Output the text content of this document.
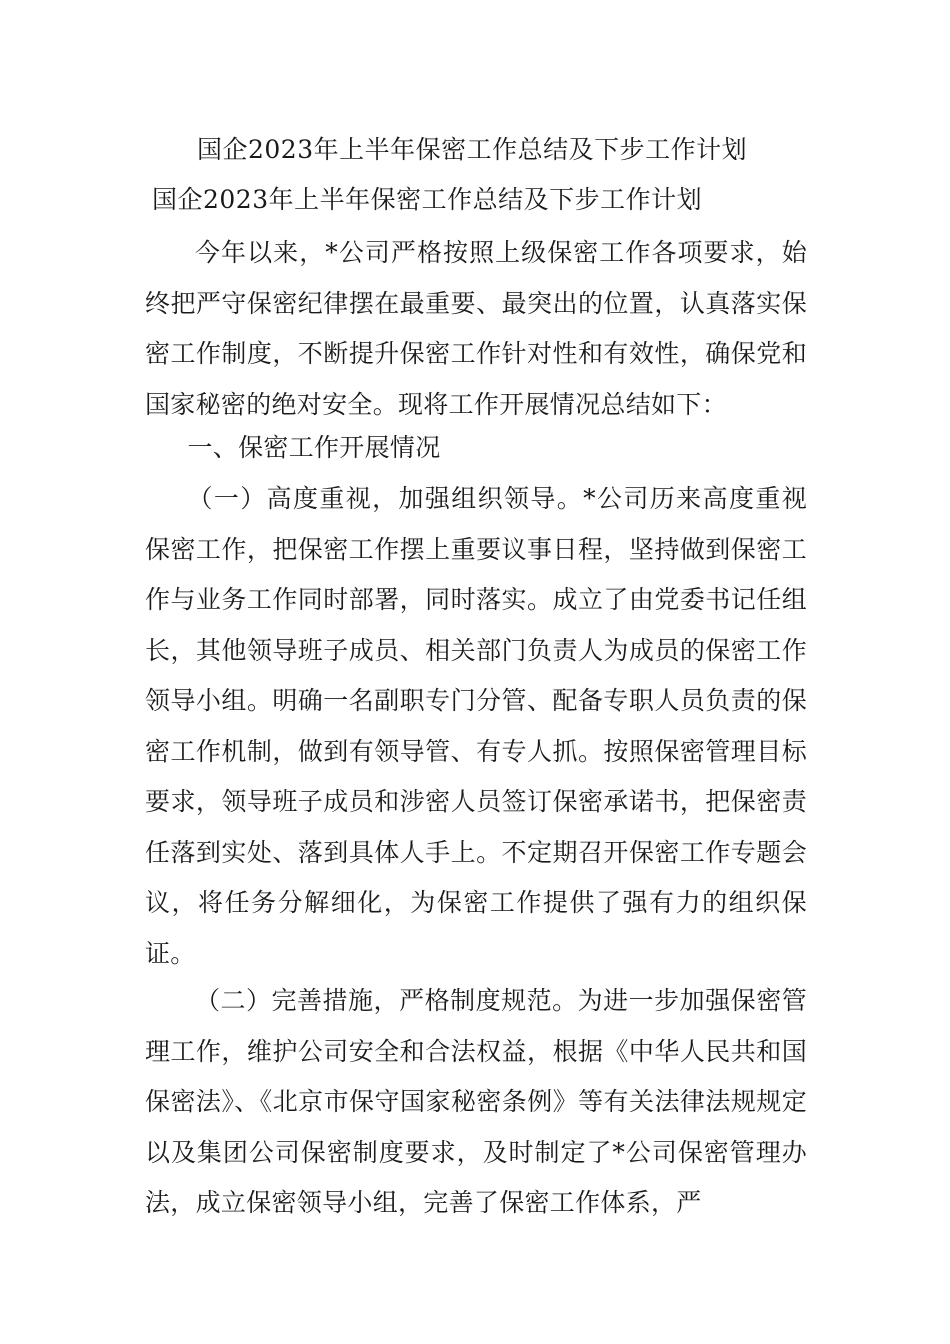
国企2023年上半年保密工作总结及下步工作计划
国企2023年上半年保密工作总结及下步工作计划
今年以来，*公司严格按照上级保密工作各项要求，始终把严守保密纪律摆在最重要、最突出的位置，认真落实保密工作制度，不断提升保密工作针对性和有效性，确保党和国家秘密的绝对安全。现将工作开展情况总结如下：
一、保密工作开展情况
（一）高度重视，加强组织领导。*公司历来高度重视保密工作，把保密工作摆上重要议事日程，坚持做到保密工作与业务工作同时部署，同时落实。成立了由党委书记任组长，其他领导班子成员、相关部门负责人为成员的保密工作领导小组。明确一名副职专门分管、配备专职人员负责的保密工作机制，做到有领导管、有专人抓。按照保密管理目标要求，领导班子成员和涉密人员签订保密承诺书，把保密责任落到实处、落到具体人手上。不定期召开保密工作专题会议，将任务分解细化，为保密工作提供了强有力的组织保证。
（二）完善措施，严格制度规范。为进一步加强保密管理工作，维护公司安全和合法权益，根据《中华人民共和国保密法》、《北京市保守国家秘密条例》等有关法律法规规定以及集团公司保密制度要求，及时制定了*公司保密管理办法，成立保密领导小组，完善了保密工作体系，严
